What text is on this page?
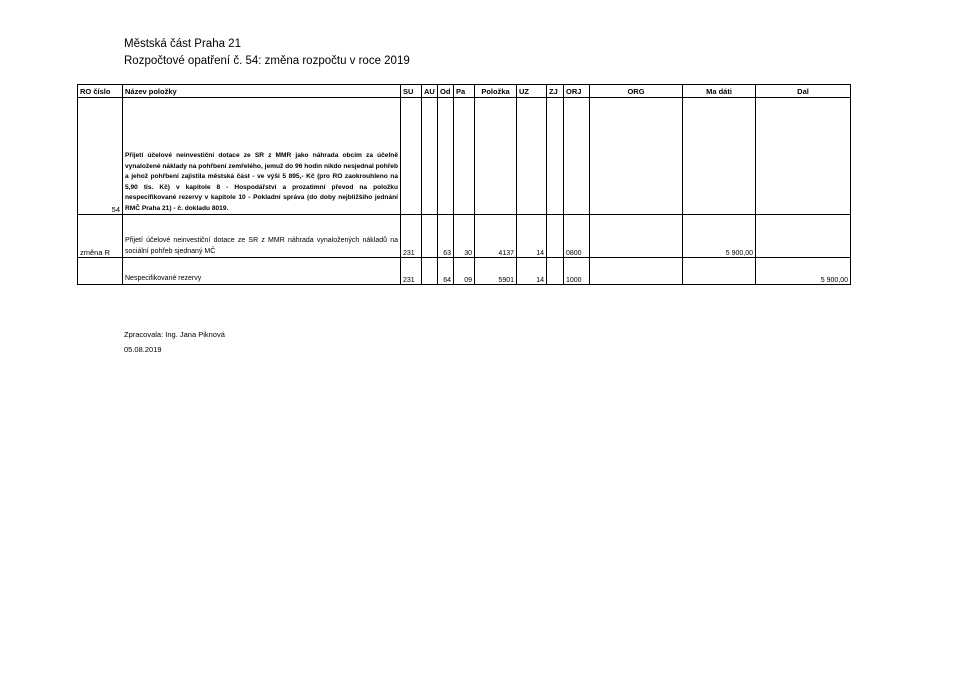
Městská část Praha 21
Rozpočtové opatření č. 54: změna rozpočtu v roce 2019
RO číslo	Název položky	SU	AU	Od	Pa	Položka	UZ	ZJ	ORJ	ORG	Ma dáti	Dal
54	Přijetí účelové neinvestiční dotace ze SR z MMR jako náhrada obcím za účelně vynaložené náklady na pohřbení zemřelého, jemuž do 96 hodin nikdo nesjednal pohřeb a jehož pohřbení zajistila městská část - ve výši 5 895,- Kč (pro RO zaokrouhleno na 5,90 tis. Kč) v kapitole 8 - Hospodářství a prozatimní převod na položku nespecifikované rezervy v kapitole 10 - Pokladní správa (do doby nejbližšího jednání RMČ Praha 21) - č. dokladu 8019.											
změna R	Přijetí účelové neinvestiční dotace ze SR z MMR náhrada vynaložených nákladů na sociální pohřeb sjednaný MČ	231		63	30	4137	14		0800		5 900,00	
	Nespecifikované rezervy	231		64	09	5901	14		1000			5 900,00
Zpracovala: Ing. Jana Piknová
05.08.2019
